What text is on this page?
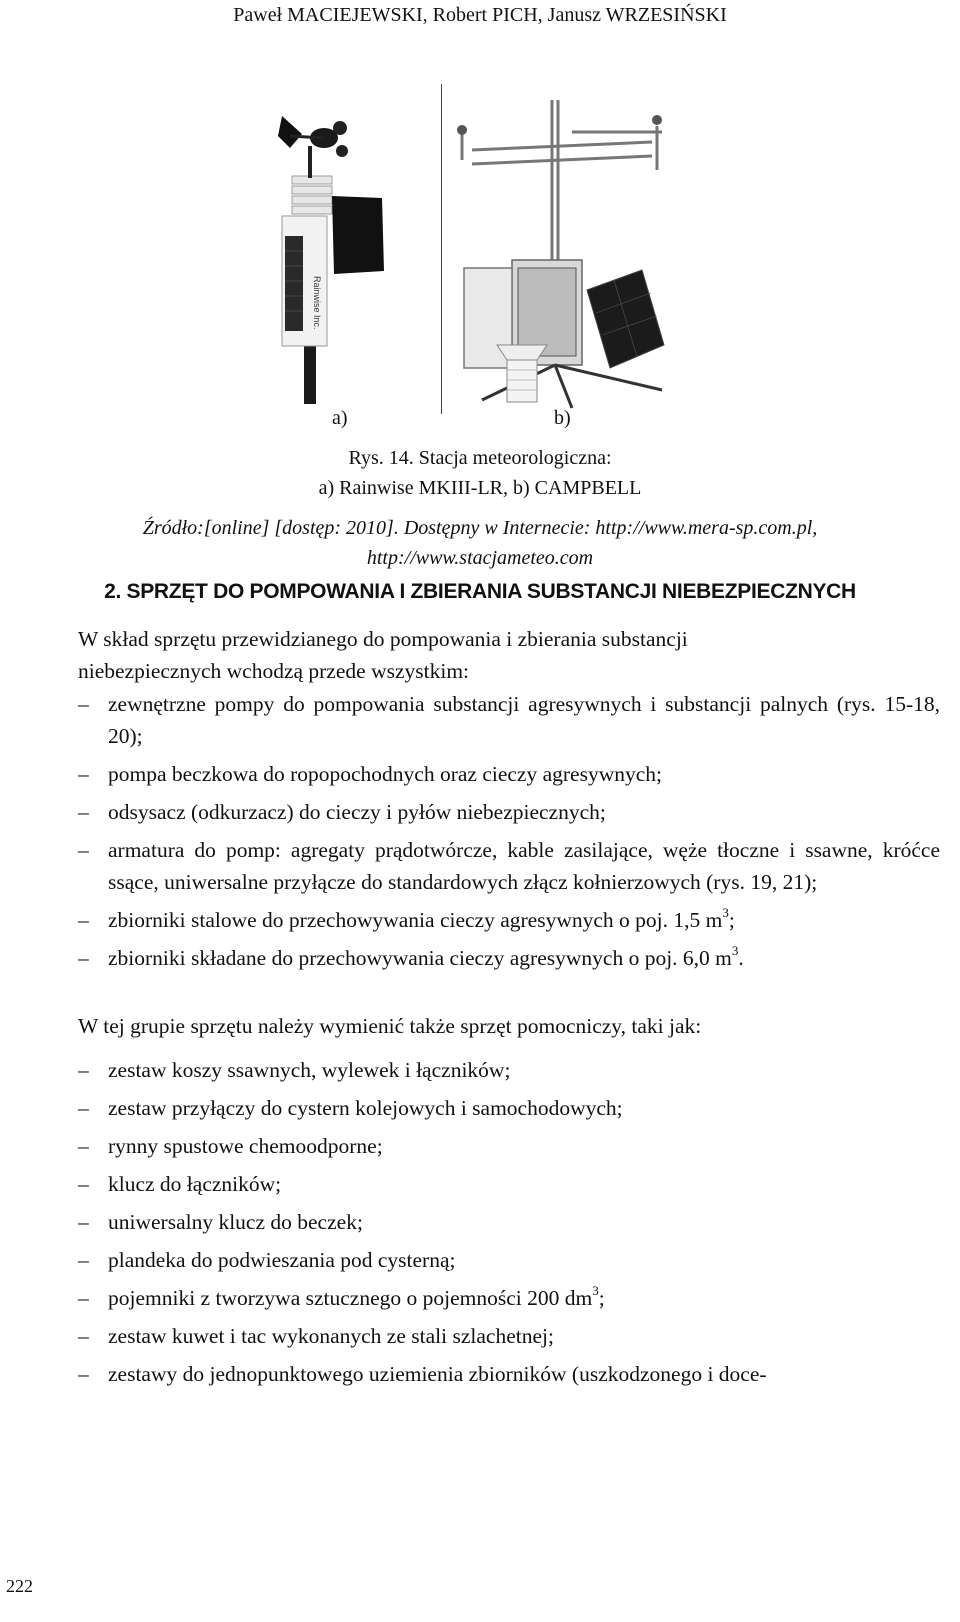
Paweł MACIEJEWSKI, Robert PICH, Janusz WRZESIŃSKI
Rainwise Inc.
a)	b)
Rys. 14. Stacja meteorologiczna:
a) Rainwise MKIII-LR, b) CAMPBELL
Źródło:[online] [dostęp: 2010]. Dostępny w Internecie: http://www.mera-sp.com.pl,
http://www.stacjameteo.com
2. SPRZĘT DO POMPOWANIA I ZBIERANIA SUBSTANCJI NIEBEZPIECZNYCH
W skład sprzętu przewidzianego do pompowania i zbierania substancji
niebezpiecznych wchodzą przede wszystkim:
– zewnętrzne pompy do pompowania substancji agresywnych i substancji palnych (rys. 15-18, 20);
– pompa beczkowa do ropopochodnych oraz cieczy agresywnych;
– odsysacz (odkurzacz) do cieczy i pyłów niebezpiecznych;
– armatura do pomp: agregaty prądotwórcze, kable zasilające, węże tłoczne i ssawne, króćce ssące, uniwersalne przyłącze do standardowych złącz kołnierzowych (rys. 19, 21);
– zbiorniki stalowe do przechowywania cieczy agresywnych o poj. 1,5 $m^3$;
– zbiorniki składane do przechowywania cieczy agresywnych o poj. 6,0 $m^3$.
W tej grupie sprzętu należy wymienić także sprzęt pomocniczy, taki jak:
– zestaw koszy ssawnych, wylewek i łączników;
– zestaw przyłączy do cystern kolejowych i samochodowych;
– rynny spustowe chemoodporne;
– klucz do łączników;
– uniwersalny klucz do beczek;
– plandeka do podwieszania pod cysterną;
– pojemniki z tworzywa sztucznego o pojemności 200 $dm^3$;
– zestaw kuwet i tac wykonanych ze stali szlachetnej;
– zestawy do jednopunktowego uziemienia zbiorników (uszkodzonego i doce-
222
